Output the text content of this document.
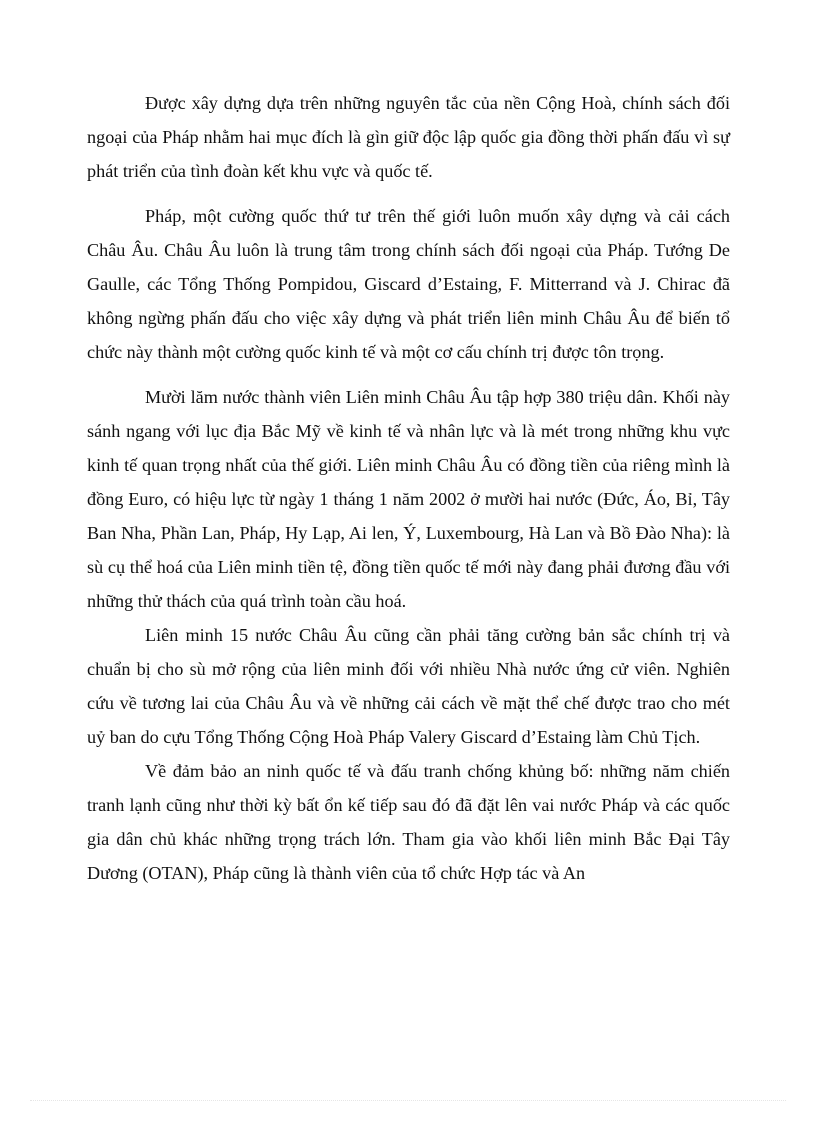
Được xây dựng dựa trên những nguyên tắc của nền Cộng Hoà, chính sách đối ngoại của Pháp nhằm hai mục đích là gìn giữ độc lập quốc gia đồng thời phấn đấu vì sự phát triển của tình đoàn kết khu vực và quốc tế.

Pháp, một cường quốc thứ tư trên thế giới luôn muốn xây dựng và cải cách Châu Âu. Châu Âu luôn là trung tâm trong chính sách đối ngoại của Pháp. Tướng De Gaulle, các Tổng Thống Pompidou, Giscard d’Estaing, F. Mitterrand và J. Chirac đã không ngừng phấn đấu cho việc xây dựng và phát triển liên minh Châu Âu để biến tổ chức này thành một cường quốc kinh tế và một cơ cấu chính trị được tôn trọng.

Mười lăm nước thành viên Liên minh Châu Âu tập hợp 380 triệu dân. Khối này sánh ngang với lục địa Bắc Mỹ về kinh tế và nhân lực và là mét trong những khu vực kinh tế quan trọng nhất của thế giới. Liên minh Châu Âu có đồng tiền của riêng mình là đồng Euro, có hiệu lực từ ngày 1 tháng 1 năm 2002 ở mười hai nước (Đức, Áo, Bỉ, Tây Ban Nha, Phần Lan, Pháp, Hy Lạp, Ai len, Ý, Luxembourg, Hà Lan và Bồ Đào Nha): là sù cụ thể hoá của Liên minh tiền tệ, đồng tiền quốc tế mới này đang phải đương đầu với những thử thách của quá trình toàn cầu hoá.

Liên minh 15 nước Châu Âu cũng cần phải tăng cường bản sắc chính trị và chuẩn bị cho sù mở rộng của liên minh đối với nhiều Nhà nước ứng cử viên. Nghiên cứu về tương lai của Châu Âu và về những cải cách về mặt thể chế được trao cho mét uỷ ban do cựu Tổng Thống Cộng Hoà Pháp Valery Giscard d’Estaing làm Chủ Tịch.

Về đảm bảo an ninh quốc tế và đấu tranh chống khủng bố: những năm chiến tranh lạnh cũng như thời kỳ bất ổn kế tiếp sau đó đã đặt lên vai nước Pháp và các quốc gia dân chủ khác những trọng trách lớn. Tham gia vào khối liên minh Bắc Đại Tây Dương (OTAN), Pháp cũng là thành viên của tổ chức Hợp tác và An
